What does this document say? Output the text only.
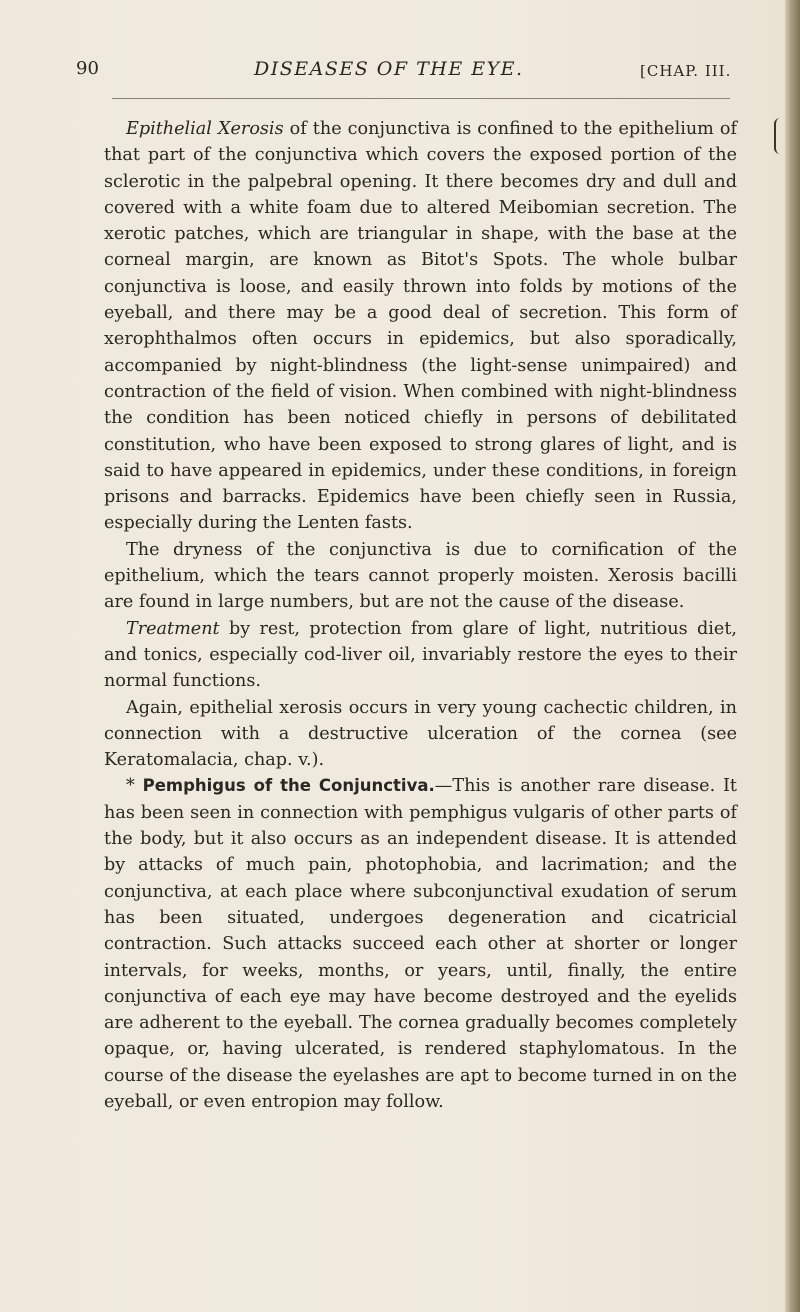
90	DISEASES OF THE EYE.	[CHAP. III.

Epithelial Xerosis of the conjunctiva is confined to the epithelium of that part of the conjunctiva which covers the exposed portion of the sclerotic in the palpebral opening. It there becomes dry and dull and covered with a white foam due to altered Meibomian secretion. The xerotic patches, which are triangular in shape, with the base at the corneal margin, are known as Bitot's Spots. The whole bulbar conjunctiva is loose, and easily thrown into folds by motions of the eyeball, and there may be a good deal of secretion. This form of xerophthalmos often occurs in epidemics, but also sporadically, accompanied by night-blindness (the light-sense unimpaired) and contraction of the field of vision. When combined with night-blindness the condition has been noticed chiefly in persons of debilitated constitution, who have been exposed to strong glares of light, and is said to have appeared in epidemics, under these conditions, in foreign prisons and barracks. Epidemics have been chiefly seen in Russia, especially during the Lenten fasts.

The dryness of the conjunctiva is due to cornification of the epithelium, which the tears cannot properly moisten. Xerosis bacilli are found in large numbers, but are not the cause of the disease.

Treatment by rest, protection from glare of light, nutritious diet, and tonics, especially cod-liver oil, invariably restore the eyes to their normal functions.

Again, epithelial xerosis occurs in very young cachectic children, in connection with a destructive ulceration of the cornea (see Keratomalacia, chap. v.).

* Pemphigus of the Conjunctiva.—This is another rare disease. It has been seen in connection with pemphigus vulgaris of other parts of the body, but it also occurs as an independent disease. It is attended by attacks of much pain, photophobia, and lacrimation; and the conjunctiva, at each place where subconjunctival exudation of serum has been situated, undergoes degeneration and cicatricial contraction. Such attacks succeed each other at shorter or longer intervals, for weeks, months, or years, until, finally, the entire conjunctiva of each eye may have become destroyed and the eyelids are adherent to the eyeball. The cornea gradually becomes completely opaque, or, having ulcerated, is rendered staphylomatous. In the course of the disease the eyelashes are apt to become turned in on the eyeball, or even entropion may follow.
